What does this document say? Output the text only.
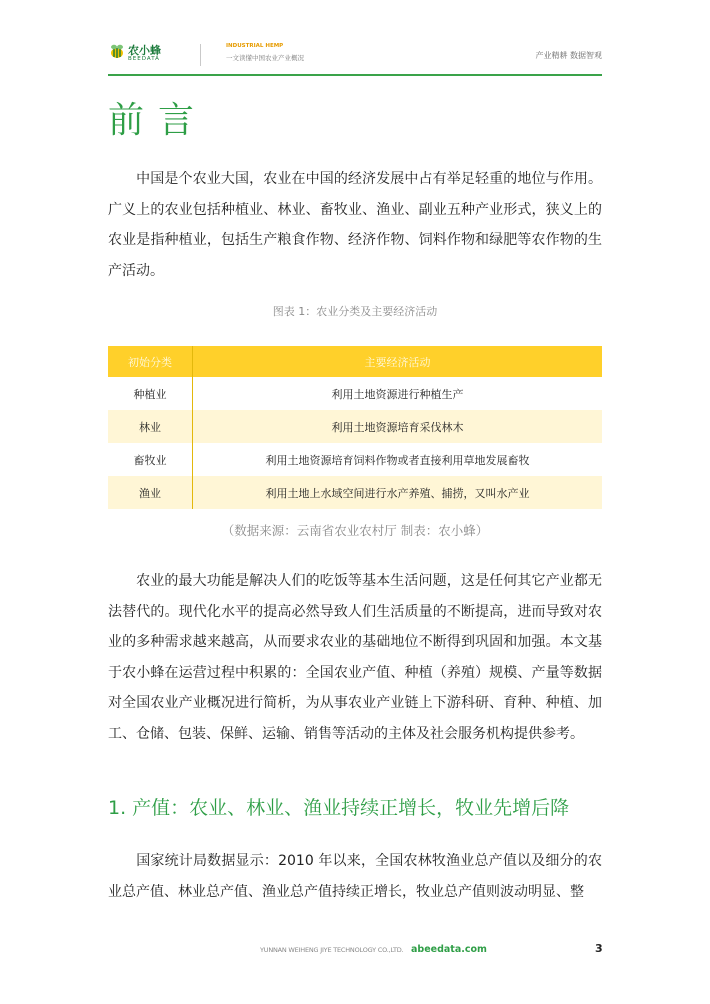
农小蜂
BEEDATA
INDUSTRIAL HEMP
一文读懂中国农业产业概况	产业精耕 数据智观
前言

中国是个农业大国，农业在中国的经济发展中占有举足轻重的地位与作用。广义上的农业包括种植业、林业、畜牧业、渔业、副业五种产业形式，狭义上的农业是指种植业，包括生产粮食作物、经济作物、饲料作物和绿肥等农作物的生产活动。

图表 1：农业分类及主要经济活动
初始分类	主要经济活动
种植业	利用土地资源进行种植生产
林业	利用土地资源培育采伐林木
畜牧业	利用土地资源培育饲料作物或者直接利用草地发展畜牧
渔业	利用土地上水域空间进行水产养殖、捕捞，又叫水产业
（数据来源：云南省农业农村厅 制表：农小蜂）

农业的最大功能是解决人们的吃饭等基本生活问题，这是任何其它产业都无法替代的。现代化水平的提高必然导致人们生活质量的不断提高，进而导致对农业的多种需求越来越高，从而要求农业的基础地位不断得到巩固和加强。本文基于农小蜂在运营过程中积累的：全国农业产值、种植（养殖）规模、产量等数据对全国农业产业概况进行简析，为从事农业产业链上下游科研、育种、种植、加工、仓储、包装、保鲜、运输、销售等活动的主体及社会服务机构提供参考。

1. 产值：农业、林业、渔业持续正增长，牧业先增后降

国家统计局数据显示：2010 年以来，全国农林牧渔业总产值以及细分的农业总产值、林业总产值、渔业总产值持续正增长，牧业总产值则波动明显、整

YUNNAN WEIHENG JIYE TECHNOLOGY CO.,LTD. abeedata.com	3
